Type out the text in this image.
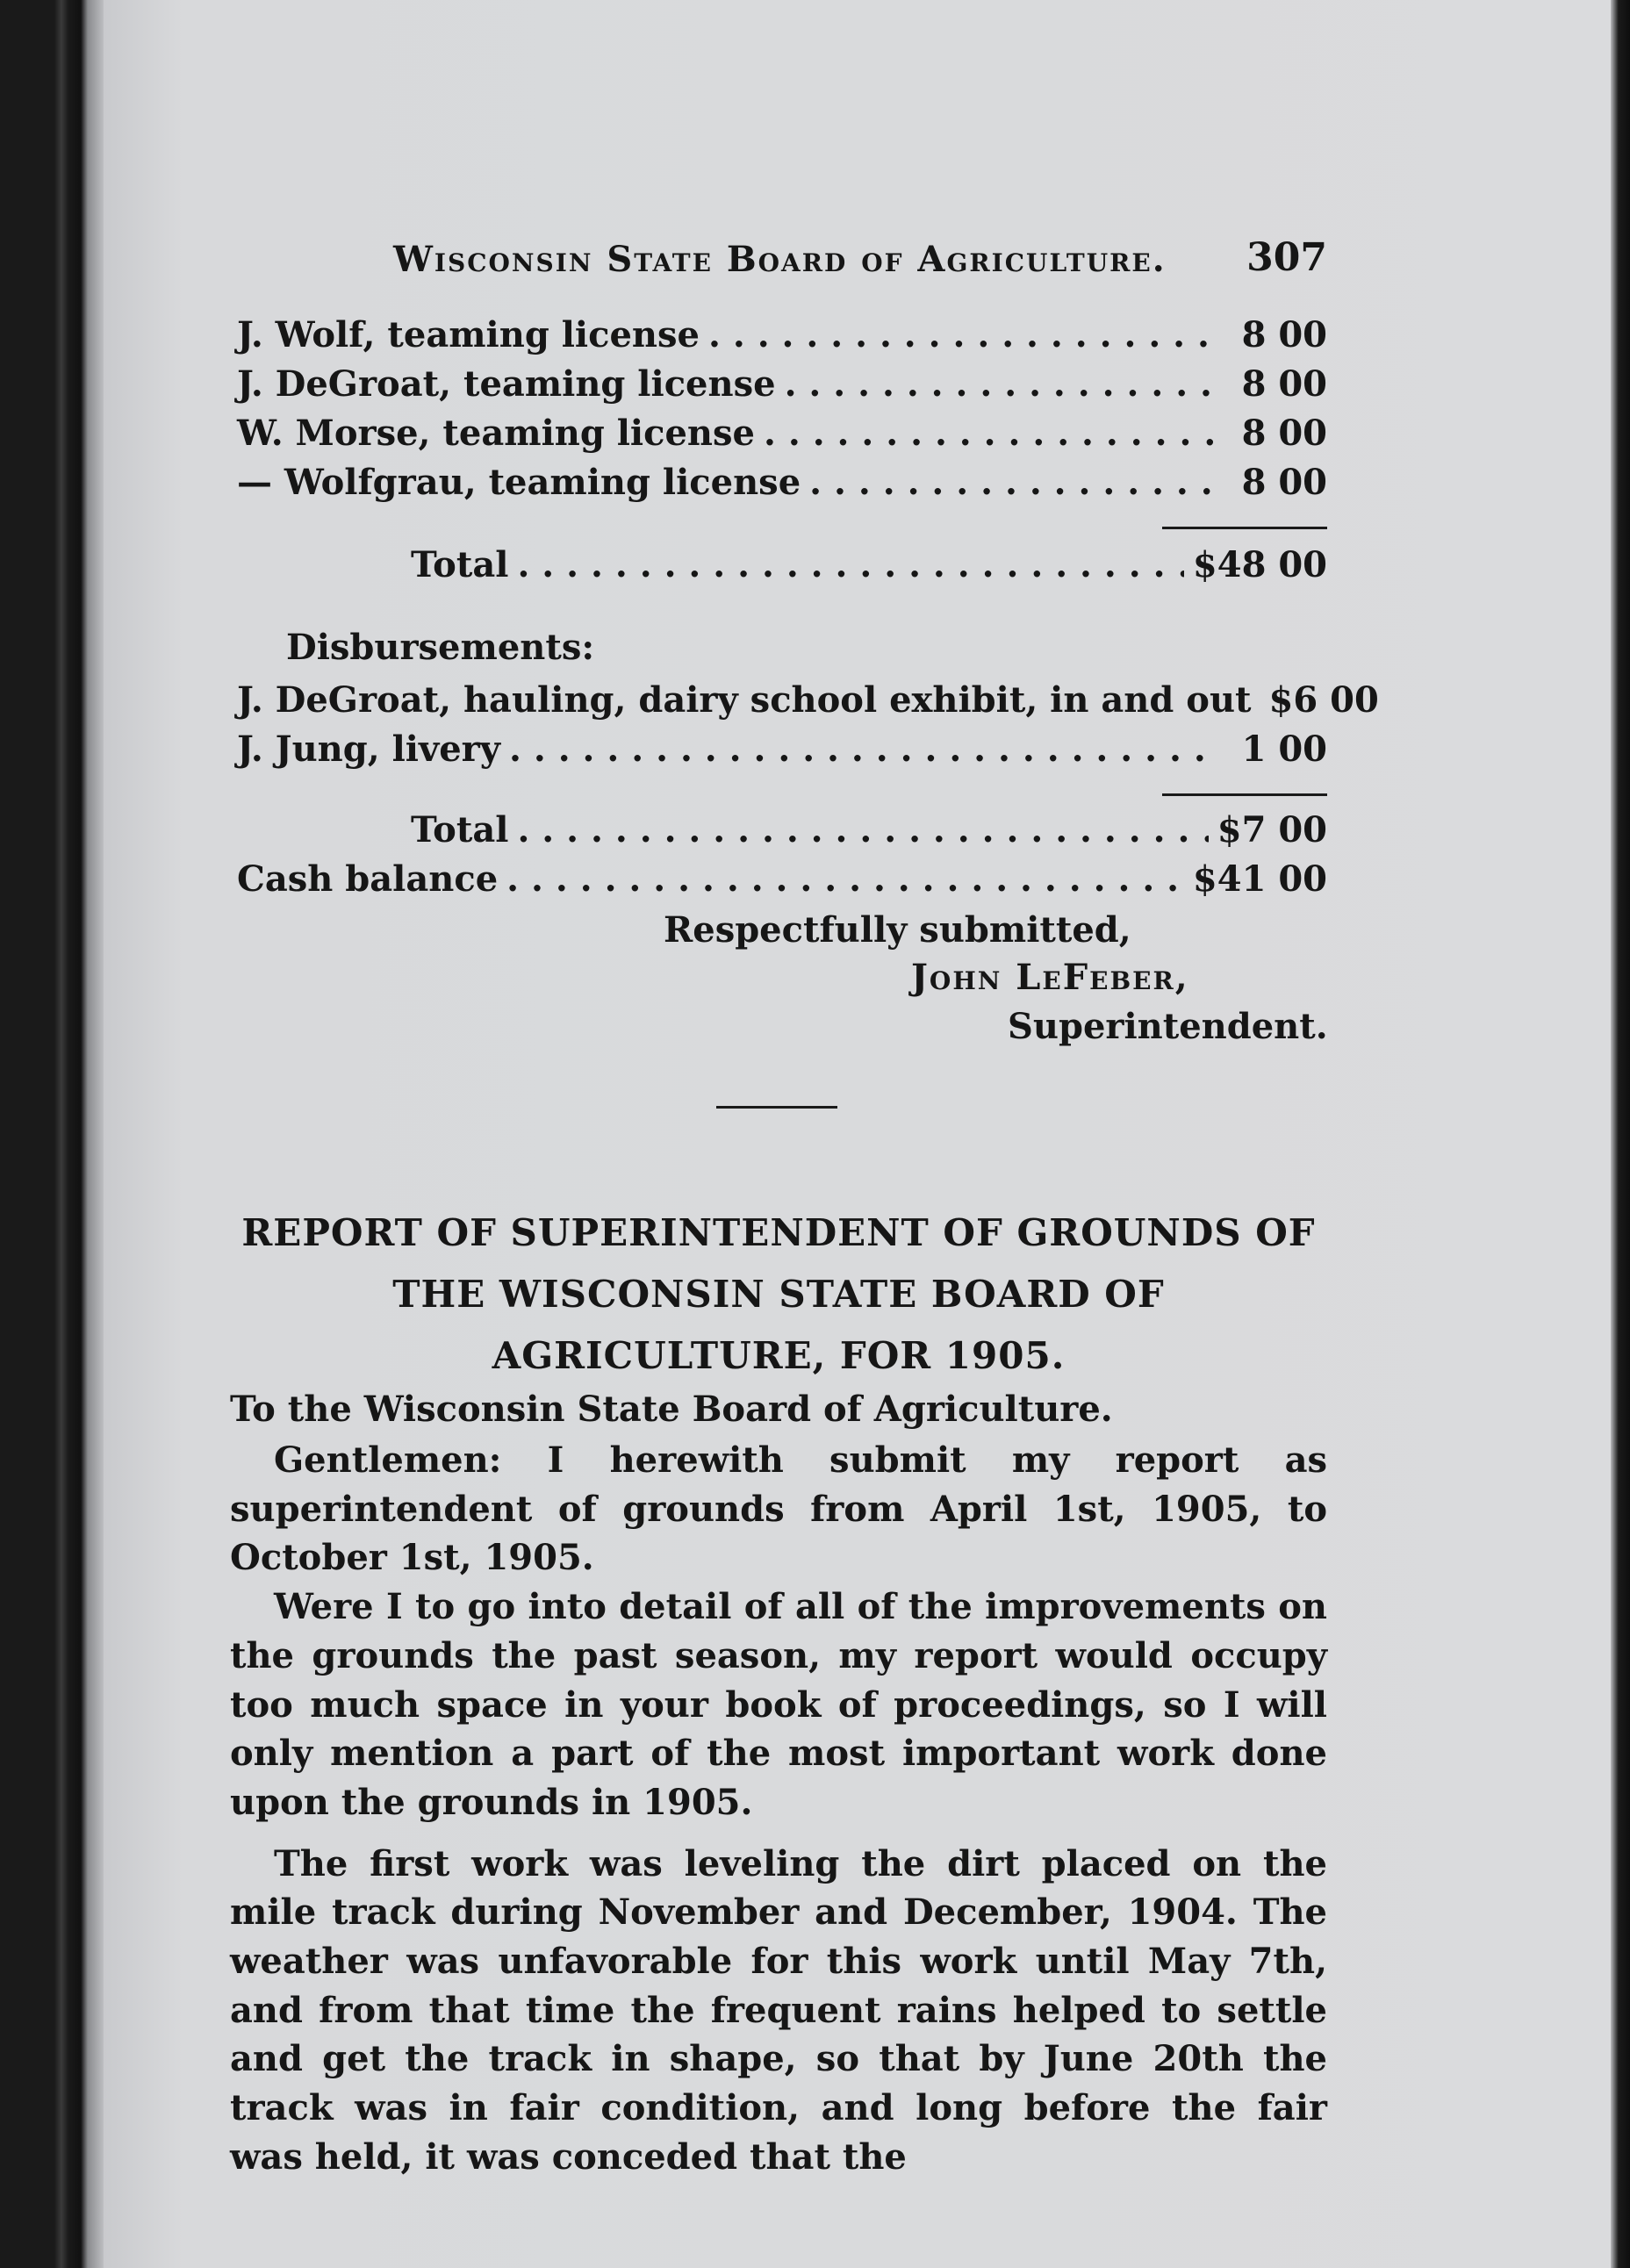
Wisconsin State Board of Agriculture. 307
J. Wolf, teaming license . . .	8 00
J. DeGroat, teaming license . . .	8 00
W. Morse, teaming license . . .	8 00
— Wolfgrau, teaming license . . .	8 00
Total . . .	$48 00
Disbursements:
J. DeGroat, hauling, dairy school exhibit, in and out $6 00
J. Jung, livery . . .	1 00
Total . . .	$7 00
Cash balance . . .	$41 00
Respectfully submitted,
John LeFeber,
Superintendent.
REPORT OF SUPERINTENDENT OF GROUNDS OF
THE WISCONSIN STATE BOARD OF
AGRICULTURE, FOR 1905.
To the Wisconsin State Board of Agriculture.

Gentlemen: I herewith submit my report as superintendent of grounds from April 1st, 1905, to October 1st, 1905.

Were I to go into detail of all of the improvements on the grounds the past season, my report would occupy too much space in your book of proceedings, so I will only mention a part of the most important work done upon the grounds in 1905.

The first work was leveling the dirt placed on the mile track during November and December, 1904. The weather was unfavorable for this work until May 7th, and from that time the frequent rains helped to settle and get the track in shape, so that by June 20th the track was in fair condition, and long before the fair was held, it was conceded that the
